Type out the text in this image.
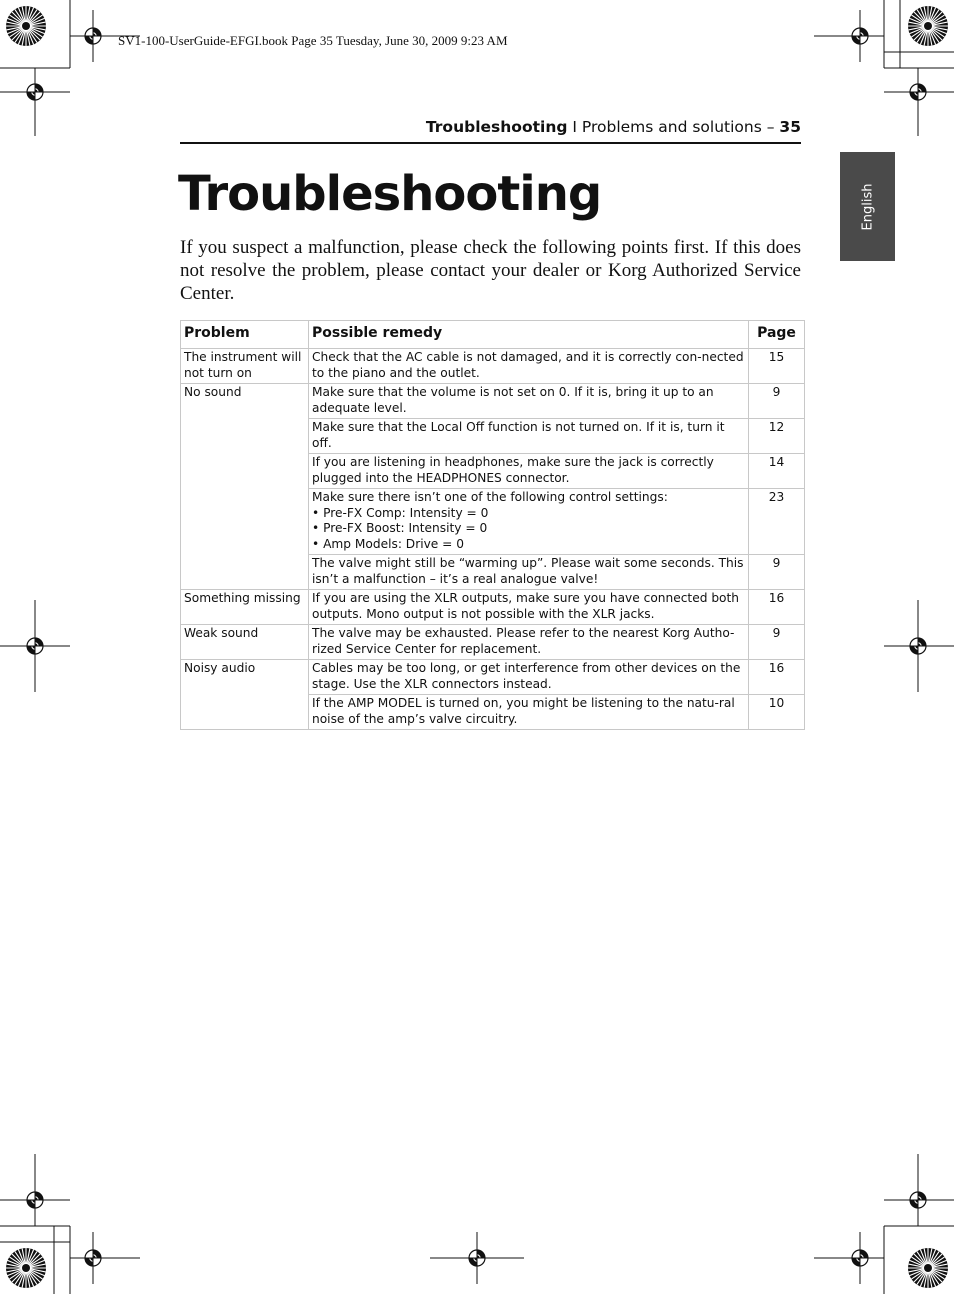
SV1-100-UserGuide-EFGI.book Page 35 Tuesday, June 30, 2009 9:23 AM
Troubleshooting I Problems and solutions – 35
English
Troubleshooting

If you suspect a malfunction, please check the following points first. If this does not resolve the problem, please contact your dealer or Korg Authorized Service Center.

Problem	Possible remedy	Page
The instrument will not turn on	Check that the AC cable is not damaged, and it is correctly con-nected to the piano and the outlet.	15
No sound	Make sure that the volume is not set on 0. If it is, bring it up to an adequate level.	9
	Make sure that the Local Off function is not turned on. If it is, turn it off.	12
	If you are listening in headphones, make sure the jack is correctly plugged into the HEADPHONES connector.	14
	Make sure there isn’t one of the following control settings:
• Pre-FX Comp: Intensity = 0
• Pre-FX Boost: Intensity = 0
• Amp Models: Drive = 0	23
	The valve might still be “warming up”. Please wait some seconds. This isn’t a malfunction – it’s a real analogue valve!	9
Something missing	If you are using the XLR outputs, make sure you have connected both outputs. Mono output is not possible with the XLR jacks.	16
Weak sound	The valve may be exhausted. Please refer to the nearest Korg Autho-rized Service Center for replacement.	9
Noisy audio	Cables may be too long, or get interference from other devices on the stage. Use the XLR connectors instead.	16
	If the AMP MODEL is turned on, you might be listening to the natu-ral noise of the amp’s valve circuitry.	10
